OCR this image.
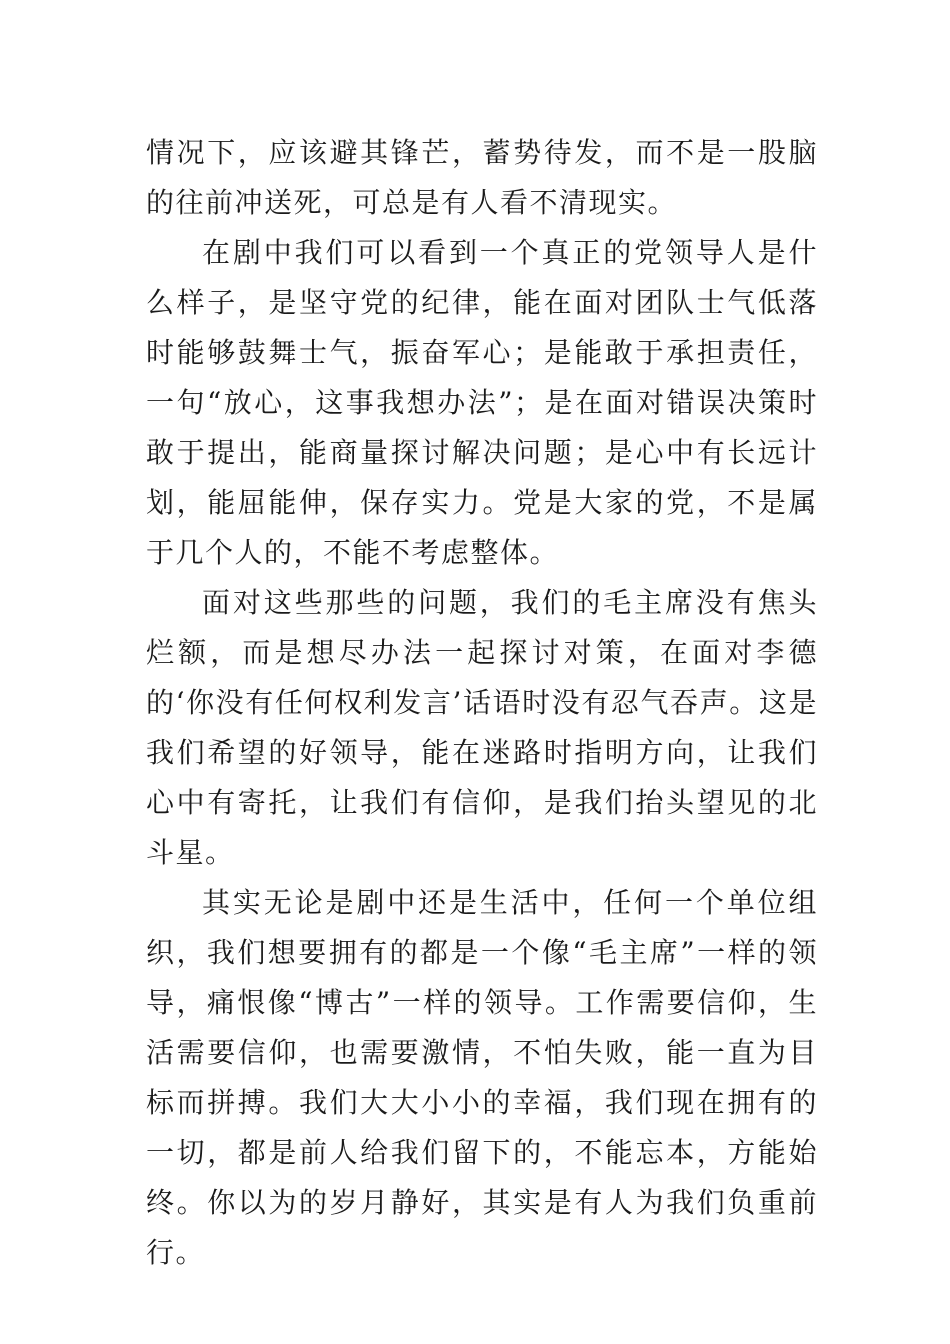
情况下，应该避其锋芒，蓄势待发，而不是一股脑的往前冲送死，可总是有人看不清现实。

在剧中我们可以看到一个真正的党领导人是什么样子，是坚守党的纪律，能在面对团队士气低落时能够鼓舞士气，振奋军心；是能敢于承担责任，一句“放心，这事我想办法”；是在面对错误决策时敢于提出，能商量探讨解决问题；是心中有长远计划，能屈能伸，保存实力。党是大家的党，不是属于几个人的，不能不考虑整体。

面对这些那些的问题，我们的毛主席没有焦头烂额，而是想尽办法一起探讨对策，在面对李德的‘你没有任何权利发言’话语时没有忍气吞声。这是我们希望的好领导，能在迷路时指明方向，让我们心中有寄托，让我们有信仰，是我们抬头望见的北斗星。

其实无论是剧中还是生活中，任何一个单位组织，我们想要拥有的都是一个像“毛主席”一样的领导，痛恨像“博古”一样的领导。工作需要信仰，生活需要信仰，也需要激情，不怕失败，能一直为目标而拼搏。我们大大小小的幸福，我们现在拥有的一切，都是前人给我们留下的，不能忘本，方能始终。你以为的岁月静好，其实是有人为我们负重前行。
